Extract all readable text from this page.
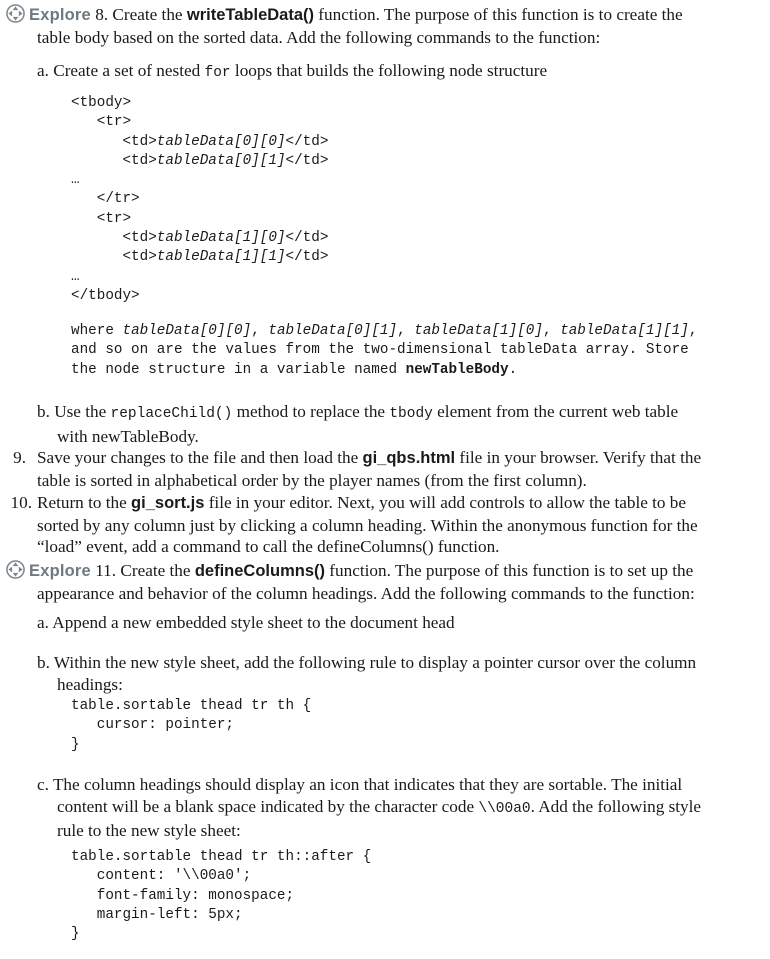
Explore 8. Create the writeTableData() function. The purpose of this function is to create the

table body based on the sorted data. Add the following commands to the function:

a. Create a set of nested for loops that builds the following node structure

<tbody>
<tr>
<td>tableData[0][0]</td>
<td>tableData[0][1]</td>
…
</tr>
<tr>
<td>tableData[1][0]</td>
<td>tableData[1][1]</td>
…
</tbody>
where tableData[0][0], tableData[0][1], tableData[1][0], tableData[1][1],
and so on are the values from the two-dimensional tableData array. Store
the node structure in a variable named newTableBody.

b. Use the replaceChild() method to replace the tbody element from the current web table

with newTableBody.

9. Save your changes to the file and then load the gi_qbs.html file in your browser. Verify that the

table is sorted in alphabetical order by the player names (from the first column).

10. Return to the gi_sort.js file in your editor. Next, you will add controls to allow the table to be

sorted by any column just by clicking a column heading. Within the anonymous function for the

“load” event, add a command to call the defineColumns() function.

Explore 11. Create the defineColumns() function. The purpose of this function is to set up the

appearance and behavior of the column headings. Add the following commands to the function:

a. Append a new embedded style sheet to the document head

b. Within the new style sheet, add the following rule to display a pointer cursor over the column

headings:

table.sortable thead tr th {
cursor: pointer;
}

c. The column headings should display an icon that indicates that they are sortable. The initial

content will be a blank space indicated by the character code \\00a0. Add the following style

rule to the new style sheet:

table.sortable thead tr th::after {
content: '\\00a0';
font-family: monospace;
margin-left: 5px;
}
